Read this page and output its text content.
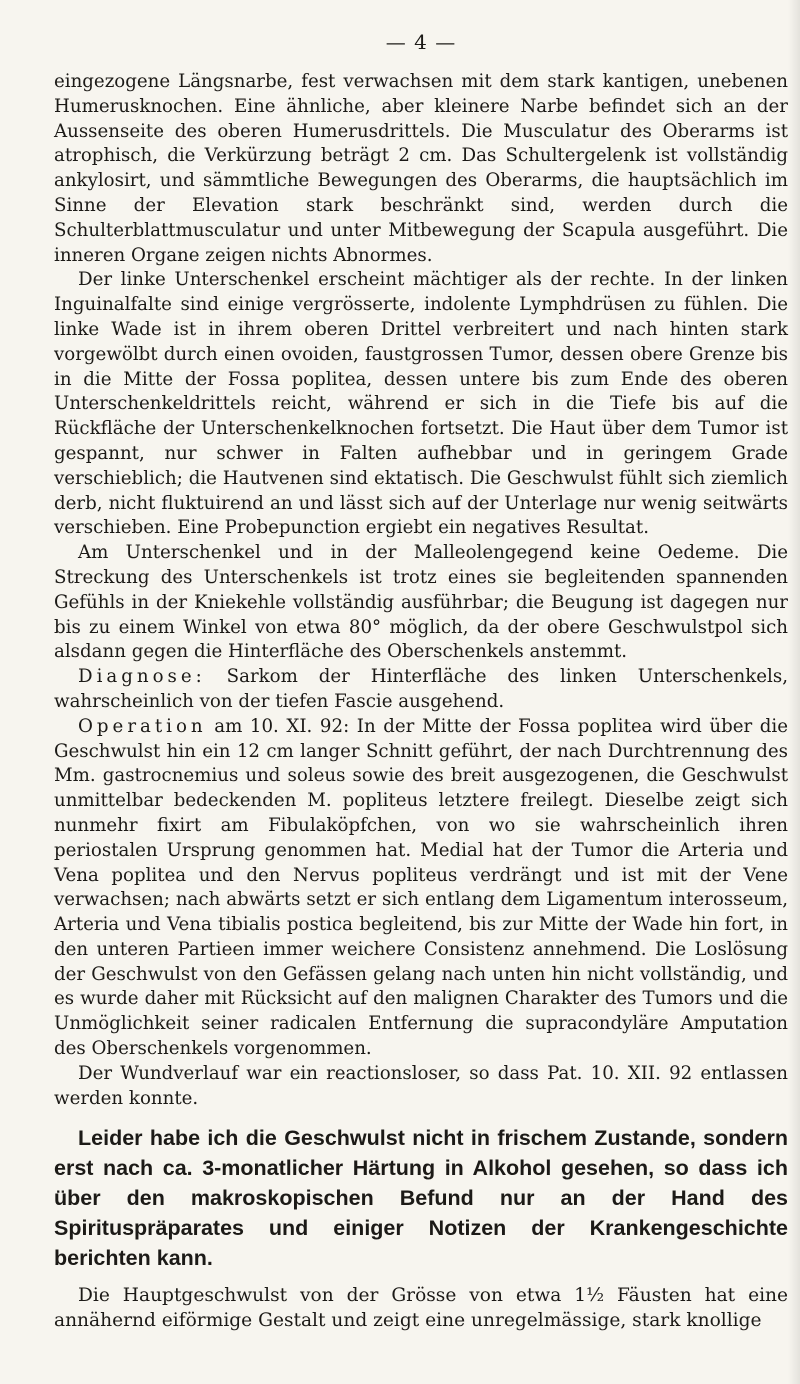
— 4 —

eingezogene Längsnarbe, fest verwachsen mit dem stark kantigen, unebenen Humerusknochen. Eine ähnliche, aber kleinere Narbe befindet sich an der Aussenseite des oberen Humerusdrittels. Die Musculatur des Oberarms ist atrophisch, die Verkürzung beträgt 2 cm. Das Schultergelenk ist vollständig ankylosirt, und sämmtliche Bewegungen des Oberarms, die hauptsächlich im Sinne der Elevation stark beschränkt sind, werden durch die Schulterblattmusculatur und unter Mitbewegung der Scapula ausgeführt. Die inneren Organe zeigen nichts Abnormes.

Der linke Unterschenkel erscheint mächtiger als der rechte. In der linken Inguinalfalte sind einige vergrösserte, indolente Lymphdrüsen zu fühlen. Die linke Wade ist in ihrem oberen Drittel verbreitert und nach hinten stark vorgewölbt durch einen ovoiden, faustgrossen Tumor, dessen obere Grenze bis in die Mitte der Fossa poplitea, dessen untere bis zum Ende des oberen Unterschenkeldrittels reicht, während er sich in die Tiefe bis auf die Rückfläche der Unterschenkelknochen fortsetzt. Die Haut über dem Tumor ist gespannt, nur schwer in Falten aufhebbar und in geringem Grade verschieblich; die Hautvenen sind ektatisch. Die Geschwulst fühlt sich ziemlich derb, nicht fluktuirend an und lässt sich auf der Unterlage nur wenig seitwärts verschieben. Eine Probepunction ergiebt ein negatives Resultat.

Am Unterschenkel und in der Malleolengegend keine Oedeme. Die Streckung des Unterschenkels ist trotz eines sie begleitenden spannenden Gefühls in der Kniekehle vollständig ausführbar; die Beugung ist dagegen nur bis zu einem Winkel von etwa 80° möglich, da der obere Geschwulstpol sich alsdann gegen die Hinterfläche des Oberschenkels anstemmt.

Diagnose: Sarkom der Hinterfläche des linken Unterschenkels, wahrscheinlich von der tiefen Fascie ausgehend.

Operation am 10. XI. 92: In der Mitte der Fossa poplitea wird über die Geschwulst hin ein 12 cm langer Schnitt geführt, der nach Durchtrennung des Mm. gastrocnemius und soleus sowie des breit ausgezogenen, die Geschwulst unmittelbar bedeckenden M. popliteus letztere freilegt. Dieselbe zeigt sich nunmehr fixirt am Fibulaköpfchen, von wo sie wahrscheinlich ihren periostalen Ursprung genommen hat. Medial hat der Tumor die Arteria und Vena poplitea und den Nervus popliteus verdrängt und ist mit der Vene verwachsen; nach abwärts setzt er sich entlang dem Ligamentum interosseum, Arteria und Vena tibialis postica begleitend, bis zur Mitte der Wade hin fort, in den unteren Partieen immer weichere Consistenz annehmend. Die Loslösung der Geschwulst von den Gefässen gelang nach unten hin nicht vollständig, und es wurde daher mit Rücksicht auf den malignen Charakter des Tumors und die Unmöglichkeit seiner radicalen Entfernung die supracondyläre Amputation des Oberschenkels vorgenommen.

Der Wundverlauf war ein reactionsloser, so dass Pat. 10. XII. 92 entlassen werden konnte.

Leider habe ich die Geschwulst nicht in frischem Zustande, sondern erst nach ca. 3-monatlicher Härtung in Alkohol gesehen, so dass ich über den makroskopischen Befund nur an der Hand des Spirituspräparates und einiger Notizen der Krankengeschichte berichten kann.

Die Hauptgeschwulst von der Grösse von etwa 1½ Fäusten hat eine annähernd eiförmige Gestalt und zeigt eine unregelmässige, stark knollige
